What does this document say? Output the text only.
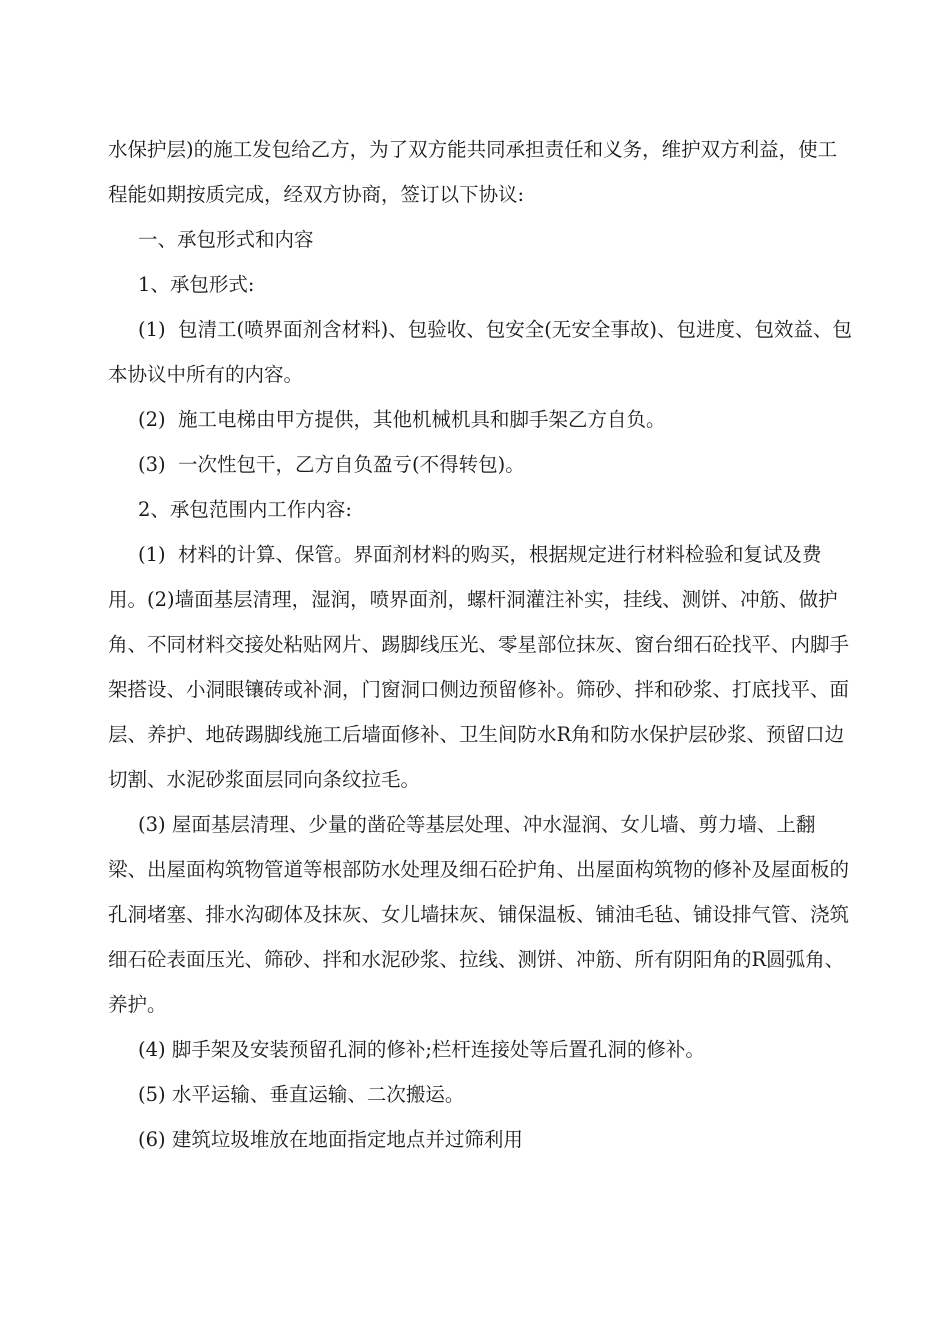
水保护层)的施工发包给乙方，为了双方能共同承担责任和义务，维护双方利益，使工程能如期按质完成，经双方协商，签订以下协议:

一、承包形式和内容

1、承包形式:

(1)  包清工(喷界面剂含材料)、包验收、包安全(无安全事故)、包进度、包效益、包本协议中所有的内容。

(2)  施工电梯由甲方提供，其他机械机具和脚手架乙方自负。

(3)  一次性包干，乙方自负盈亏(不得转包)。

2、承包范围内工作内容:

(1)  材料的计算、保管。界面剂材料的购买，根据规定进行材料检验和复试及费用。(2)墙面基层清理，湿润，喷界面剂，螺杆洞灌注补实，挂线、测饼、冲筋、做护角、不同材料交接处粘贴网片、踢脚线压光、零星部位抹灰、窗台细石砼找平、内脚手架搭设、小洞眼镶砖或补洞，门窗洞口侧边预留修补。筛砂、拌和砂浆、打底找平、面层、养护、地砖踢脚线施工后墙面修补、卫生间防水R角和防水保护层砂浆、预留口边切割、水泥砂浆面层同向条纹拉毛。

(3) 屋面基层清理、少量的凿砼等基层处理、冲水湿润、女儿墙、剪力墙、上翻梁、出屋面构筑物管道等根部防水处理及细石砼护角、出屋面构筑物的修补及屋面板的孔洞堵塞、排水沟砌体及抹灰、女儿墙抹灰、铺保温板、铺油毛毡、铺设排气管、浇筑细石砼表面压光、筛砂、拌和水泥砂浆、拉线、测饼、冲筋、所有阴阳角的R圆弧角、养护。

(4) 脚手架及安装预留孔洞的修补;栏杆连接处等后置孔洞的修补。

(5) 水平运输、垂直运输、二次搬运。

(6) 建筑垃圾堆放在地面指定地点并过筛利用
